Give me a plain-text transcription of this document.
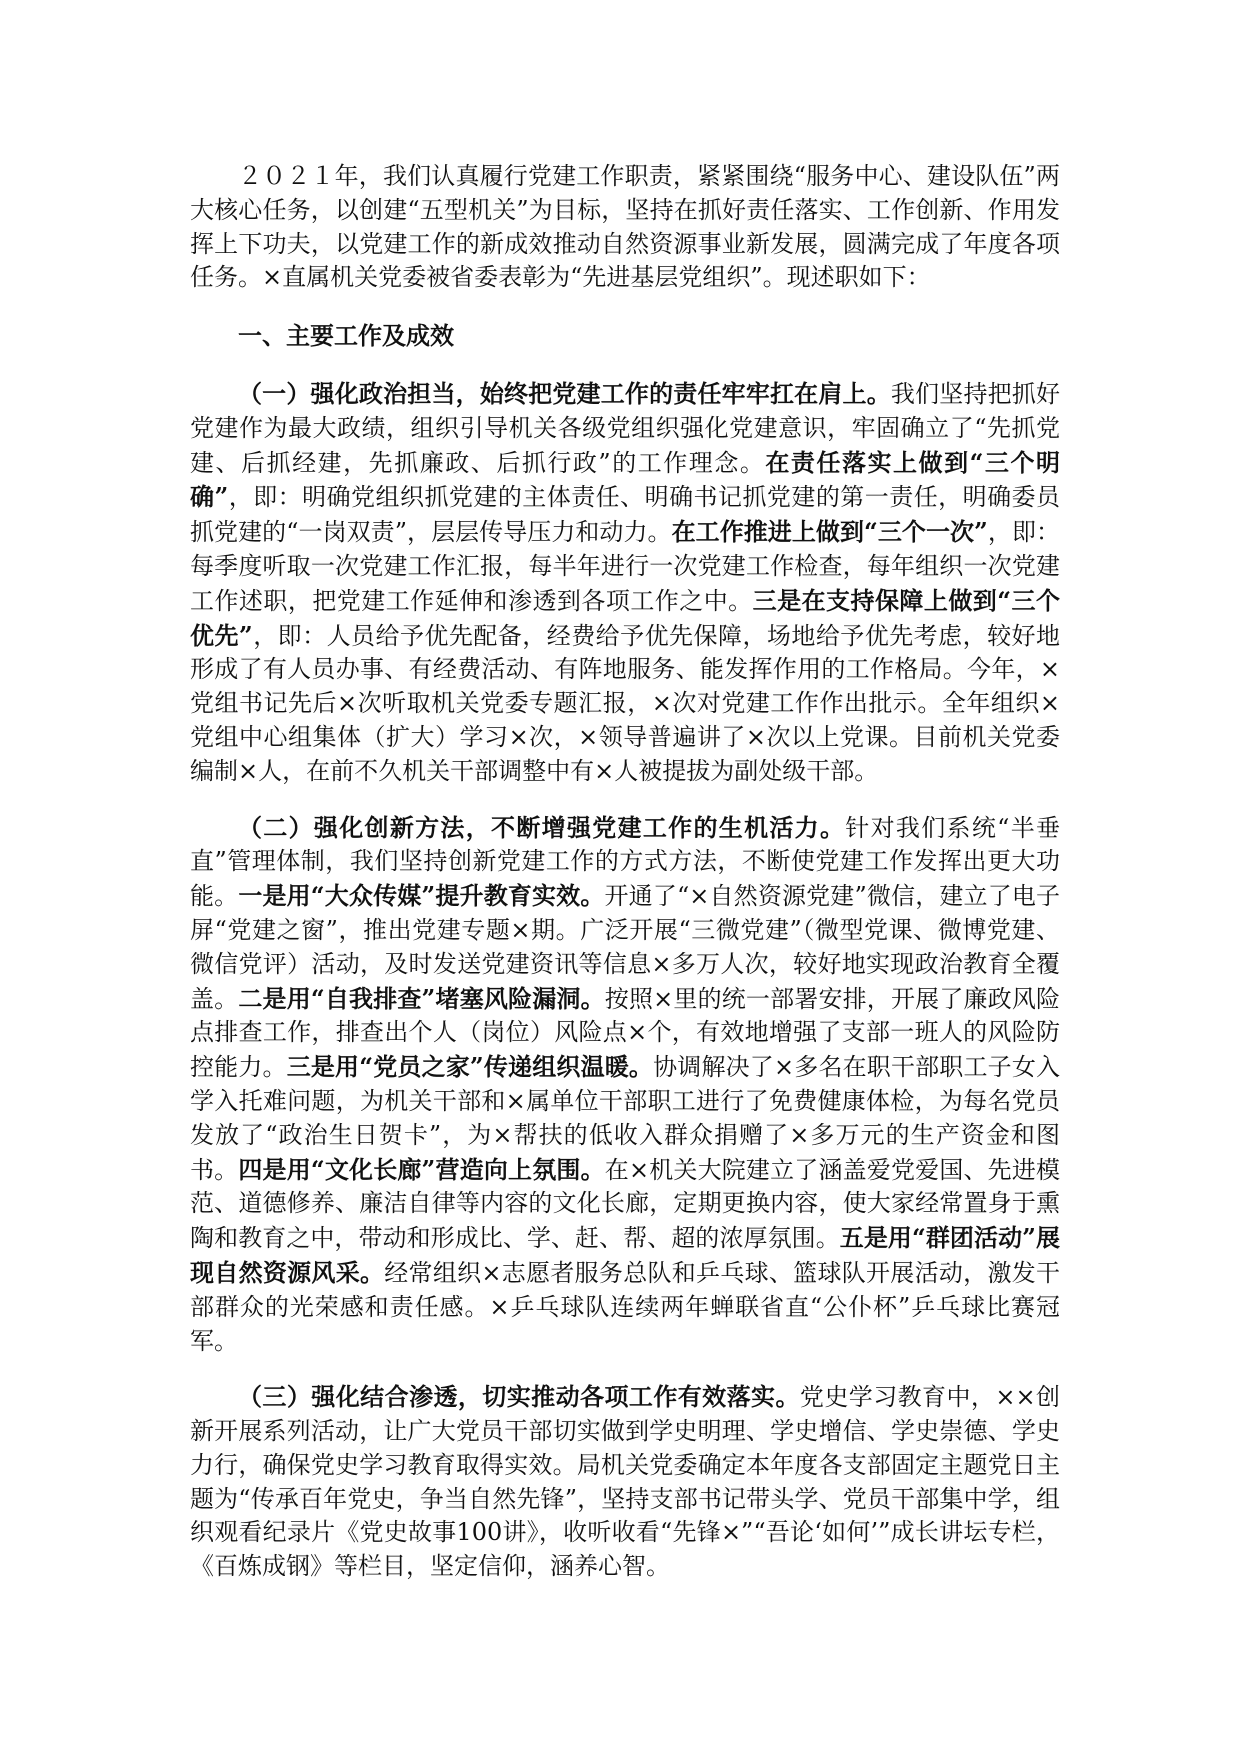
２０２１年，我们认真履行党建工作职责，紧紧围绕“服务中心、建设队伍”两大核心任务，以创建“五型机关”为目标，坚持在抓好责任落实、工作创新、作用发挥上下功夫，以党建工作的新成效推动自然资源事业新发展，圆满完成了年度各项任务。×直属机关党委被省委表彰为“先进基层党组织”。现述职如下：

一、主要工作及成效

（一）强化政治担当，始终把党建工作的责任牢牢扛在肩上。我们坚持把抓好党建作为最大政绩，组织引导机关各级党组织强化党建意识，牢固确立了“先抓党建、后抓经建，先抓廉政、后抓行政”的工作理念。在责任落实上做到“三个明确”，即：明确党组织抓党建的主体责任、明确书记抓党建的第一责任，明确委员抓党建的“一岗双责”，层层传导压力和动力。在工作推进上做到“三个一次”，即：每季度听取一次党建工作汇报，每半年进行一次党建工作检查，每年组织一次党建工作述职，把党建工作延伸和渗透到各项工作之中。三是在支持保障上做到“三个优先”，即：人员给予优先配备，经费给予优先保障，场地给予优先考虑，较好地形成了有人员办事、有经费活动、有阵地服务、能发挥作用的工作格局。今年，×党组书记先后×次听取机关党委专题汇报，×次对党建工作作出批示。全年组织×党组中心组集体（扩大）学习×次，×领导普遍讲了×次以上党课。目前机关党委编制×人，在前不久机关干部调整中有×人被提拔为副处级干部。

（二）强化创新方法，不断增强党建工作的生机活力。针对我们系统“半垂直”管理体制，我们坚持创新党建工作的方式方法，不断使党建工作发挥出更大功能。一是用“大众传媒”提升教育实效。开通了“×自然资源党建”微信，建立了电子屏“党建之窗”，推出党建专题×期。广泛开展“三微党建”（微型党课、微博党建、微信党评）活动，及时发送党建资讯等信息×多万人次，较好地实现政治教育全覆盖。二是用“自我排查”堵塞风险漏洞。按照×里的统一部署安排，开展了廉政风险点排查工作，排查出个人（岗位）风险点×个，有效地增强了支部一班人的风险防控能力。三是用“党员之家”传递组织温暖。协调解决了×多名在职干部职工子女入学入托难问题，为机关干部和×属单位干部职工进行了免费健康体检，为每名党员发放了“政治生日贺卡”，为×帮扶的低收入群众捐赠了×多万元的生产资金和图书。四是用“文化长廊”营造向上氛围。在×机关大院建立了涵盖爱党爱国、先进模范、道德修养、廉洁自律等内容的文化长廊，定期更换内容，使大家经常置身于熏陶和教育之中，带动和形成比、学、赶、帮、超的浓厚氛围。五是用“群团活动”展现自然资源风采。经常组织×志愿者服务总队和乒乓球、篮球队开展活动，激发干部群众的光荣感和责任感。×乒乓球队连续两年蝉联省直“公仆杯”乒乓球比赛冠军。

（三）强化结合渗透，切实推动各项工作有效落实。党史学习教育中，××创新开展系列活动，让广大党员干部切实做到学史明理、学史增信、学史崇德、学史力行，确保党史学习教育取得实效。局机关党委确定本年度各支部固定主题党日主题为“传承百年党史，争当自然先锋”，坚持支部书记带头学、党员干部集中学，组织观看纪录片《党史故事100讲》，收听收看“先锋×”“吾论‘如何’”成长讲坛专栏，《百炼成钢》等栏目，坚定信仰，涵养心智。
